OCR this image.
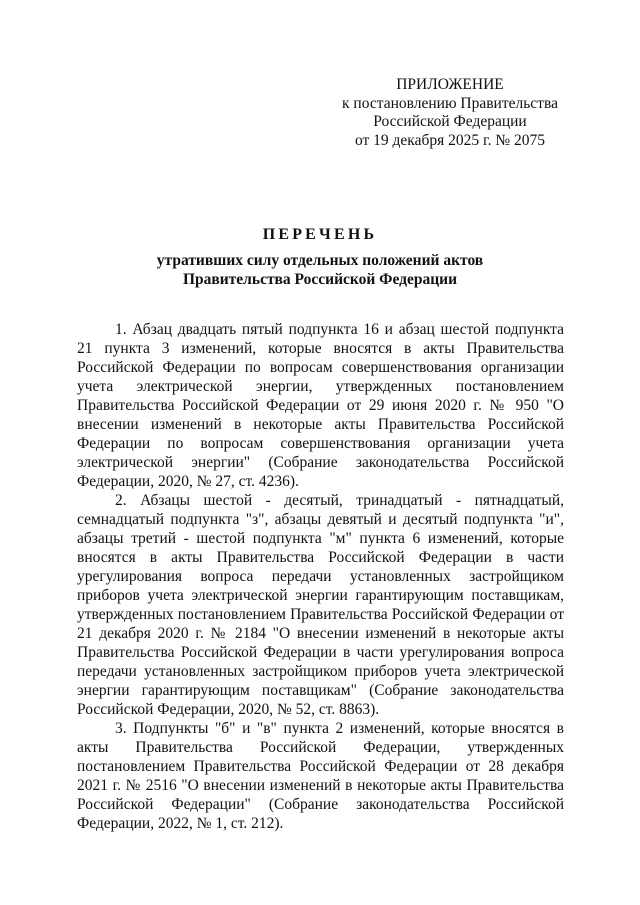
ПРИЛОЖЕНИЕ
к постановлению Правительства
Российской Федерации
от 19 декабря 2025 г. № 2075
ПЕРЕЧЕНЬ
утративших силу отдельных положений актов
Правительства Российской Федерации

1. Абзац двадцать пятый подпункта 16 и абзац шестой подпункта 21 пункта 3 изменений, которые вносятся в акты Правительства Российской Федерации по вопросам совершенствования организации учета электрической энергии, утвержденных постановлением Правительства Российской Федерации от 29 июня 2020 г. № 950 "О внесении изменений в некоторые акты Правительства Российской Федерации по вопросам совершенствования организации учета электрической энергии" (Собрание законодательства Российской Федерации, 2020, № 27, ст. 4236).

2. Абзацы шестой - десятый, тринадцатый - пятнадцатый, семнадцатый подпункта "з", абзацы девятый и десятый подпункта "и", абзацы третий - шестой подпункта "м" пункта 6 изменений, которые вносятся в акты Правительства Российской Федерации в части урегулирования вопроса передачи установленных застройщиком приборов учета электрической энергии гарантирующим поставщикам, утвержденных постановлением Правительства Российской Федерации от 21 декабря 2020 г. № 2184 "О внесении изменений в некоторые акты Правительства Российской Федерации в части урегулирования вопроса передачи установленных застройщиком приборов учета электрической энергии гарантирующим поставщикам" (Собрание законодательства Российской Федерации, 2020, № 52, ст. 8863).

3. Подпункты "б" и "в" пункта 2 изменений, которые вносятся в акты Правительства Российской Федерации, утвержденных постановлением Правительства Российской Федерации от 28 декабря 2021 г. № 2516 "О внесении изменений в некоторые акты Правительства Российской Федерации" (Собрание законодательства Российской Федерации, 2022, № 1, ст. 212).
